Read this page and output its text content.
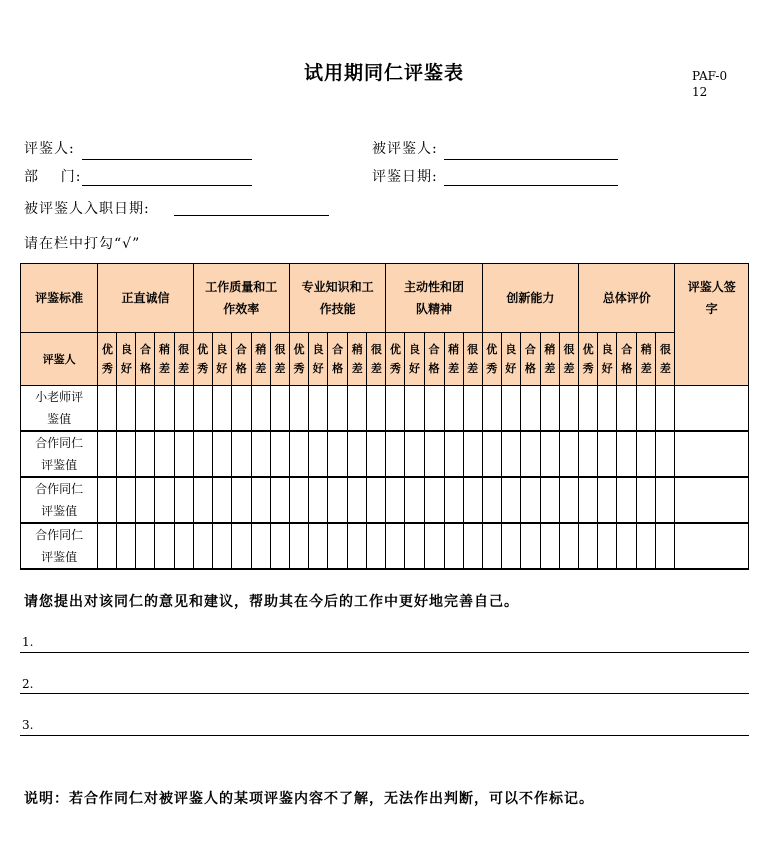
试用期同仁评鉴表	PAF-012
评鉴人:	被评鉴人:
部    门:	评鉴日期:
被评鉴人入职日期:
请在栏中打勾“√”
评鉴标准	正直诚信					工作质量和工作效率					专业知识和工作技能					主动性和团队精神					创新能力					总体评价					评鉴人签字

评鉴人	优秀	良好	合格	稍差	很差	优秀	良好	合格	稍差	很差	优秀	良好	合格	稍差	很差	优秀	良好	合格	稍差	很差	优秀	良好	合格	稍差	很差	优秀	良好	合格	稍差	很差	

小老师评鉴值																															

合作同仁评鉴值																															

合作同仁评鉴值																															

合作同仁评鉴值																															

请您提出对该同仁的意见和建议，帮助其在今后的工作中更好地完善自己。
1.
2.
3.
说明：若合作同仁对被评鉴人的某项评鉴内容不了解，无法作出判断，可以不作标记。
